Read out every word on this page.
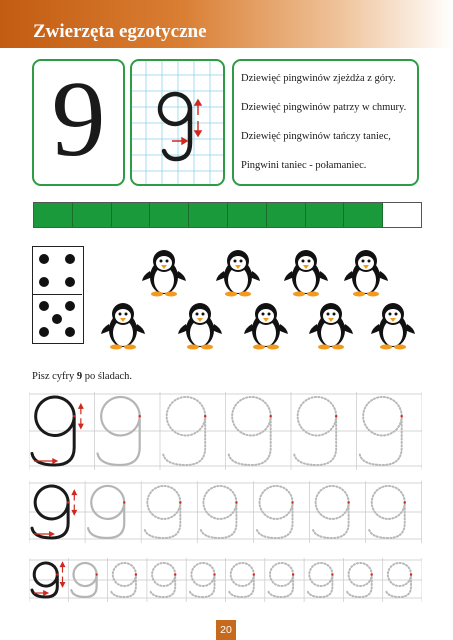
Zwierzęta egzotyczne
9	Dziewięć pingwinów zjeżdża z góry.
Dziewięć pingwinów patrzy w chmury.
Dziewięć pingwinów tańczy taniec,
Pingwini taniec - połamaniec.
Pisz cyfry 9 po śladach.
20
